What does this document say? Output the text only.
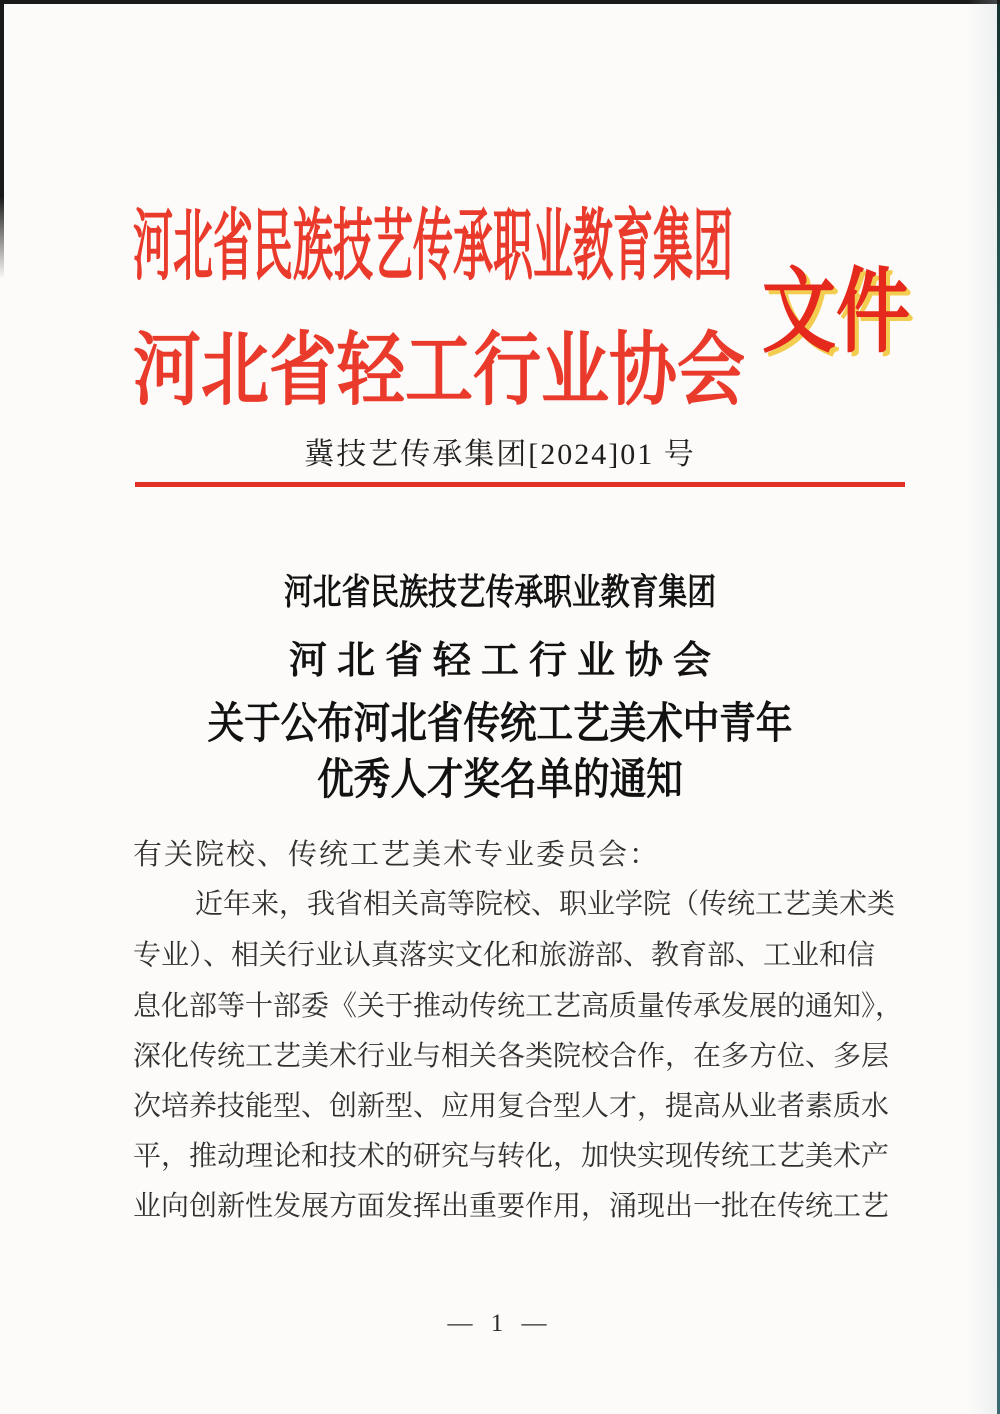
河北省民族技艺传承职业教育集团
河北省轻工行业协会
文件
冀技艺传承集团[2024]01 号
河北省民族技艺传承职业教育集团
河北省轻工行业协会
关于公布河北省传统工艺美术中青年
优秀人才奖名单的通知
有关院校、传统工艺美术专业委员会：
近年来，我省相关高等院校、职业学院（传统工艺美术类
专业）、相关行业认真落实文化和旅游部、教育部、工业和信
息化部等十部委《关于推动传统工艺高质量传承发展的通知》，
深化传统工艺美术行业与相关各类院校合作，在多方位、多层
次培养技能型、创新型、应用复合型人才，提高从业者素质水
平，推动理论和技术的研究与转化，加快实现传统工艺美术产
业向创新性发展方面发挥出重要作用，涌现出一批在传统工艺
— 1 —
